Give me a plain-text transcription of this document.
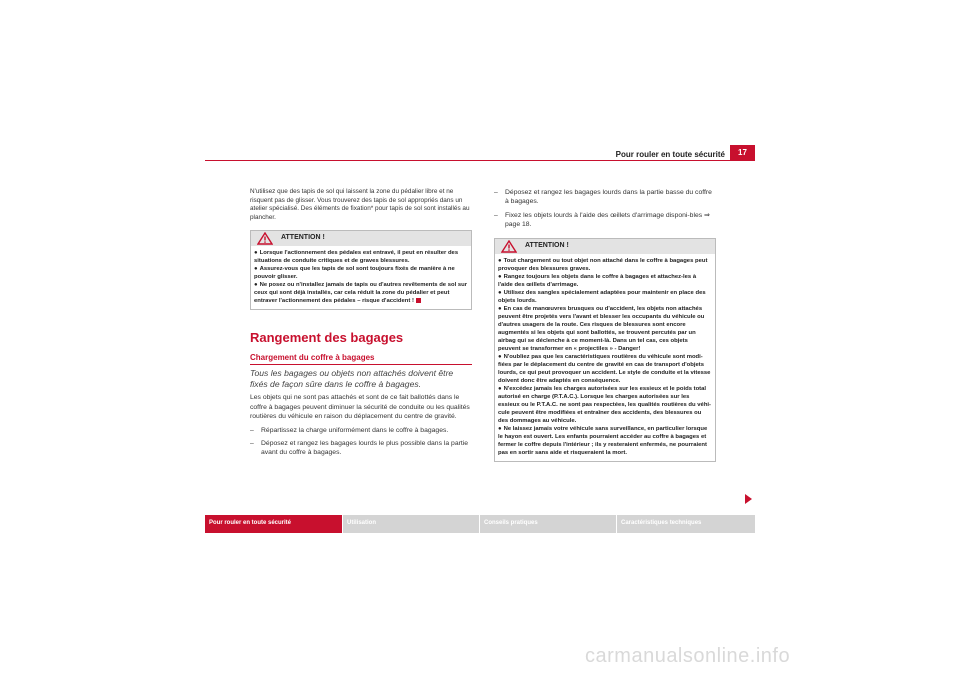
Pour rouler en toute sécurité	17

N'utilisez que des tapis de sol qui laissent la zone du pédalier libre et ne risquent pas de glisser. Vous trouverez des tapis de sol appropriés dans un atelier spécialisé. Des éléments de fixation* pour tapis de sol sont installés au plancher.

ATTENTION !
● Lorsque l'actionnement des pédales est entravé, il peut en résulter des situations de conduite critiques et de graves blessures.
● Assurez-vous que les tapis de sol sont toujours fixés de manière à ne pouvoir glisser.
● Ne posez ou n'installez jamais de tapis ou d'autres revêtements de sol sur ceux qui sont déjà installés, car cela réduit la zone du pédalier et peut entraver l'actionnement des pédales – risque d'accident !
Rangement des bagages
Chargement du coffre à bagages

Tous les bagages ou objets non attachés doivent être fixés de façon sûre dans le coffre à bagages.

Les objets qui ne sont pas attachés et sont de ce fait ballottés dans le coffre à bagages peuvent diminuer la sécurité de conduite ou les qualités routières du véhicule en raison du déplacement du centre de gravité.

–	Répartissez la charge uniformément dans le coffre à bagages.
–	Déposez et rangez les bagages lourds le plus possible dans la partie avant du coffre à bagages.
–	Déposez et rangez les bagages lourds dans la partie basse du coffre à bagages.
–	Fixez les objets lourds à l'aide des œillets d'arrimage disponi-bles ⇒ page 18.
ATTENTION !
● Tout chargement ou tout objet non attaché dans le coffre à bagages peut provoquer des blessures graves.
● Rangez toujours les objets dans le coffre à bagages et attachez-les à l'aide des œillets d'arrimage.
● Utilisez des sangles spécialement adaptées pour maintenir en place des objets lourds.
● En cas de manœuvres brusques ou d'accident, les objets non attachés peuvent être projetés vers l'avant et blesser les occupants du véhicule ou d'autres usagers de la route. Ces risques de blessures sont encore augmentés si les objets qui sont ballottés, se trouvent percutés par un airbag qui se déclenche à ce moment-là. Dans un tel cas, ces objets peuvent se transformer en « projectiles » - Danger!
● N'oubliez pas que les caractéristiques routières du véhicule sont modi-fiées par le déplacement du centre de gravité en cas de transport d'objets lourds, ce qui peut provoquer un accident. Le style de conduite et la vitesse doivent donc être adaptés en conséquence.
● N'excédez jamais les charges autorisées sur les essieux et le poids total autorisé en charge (P.T.A.C.). Lorsque les charges autorisées sur les essieux ou le P.T.A.C. ne sont pas respectées, les qualités routières du véhi-cule peuvent être modifiées et entraîner des accidents, des blessures ou des dommages au véhicule.
● Ne laissez jamais votre véhicule sans surveillance, en particulier lorsque le hayon est ouvert. Les enfants pourraient accéder au coffre à bagages et fermer le coffre depuis l'intérieur ; ils y resteraient enfermés, ne pourraient pas en sortir sans aide et risqueraient la mort.
Pour rouler en toute sécurité	Utilisation	Conseils pratiques	Caractéristiques techniques
carmanualsonline.info
